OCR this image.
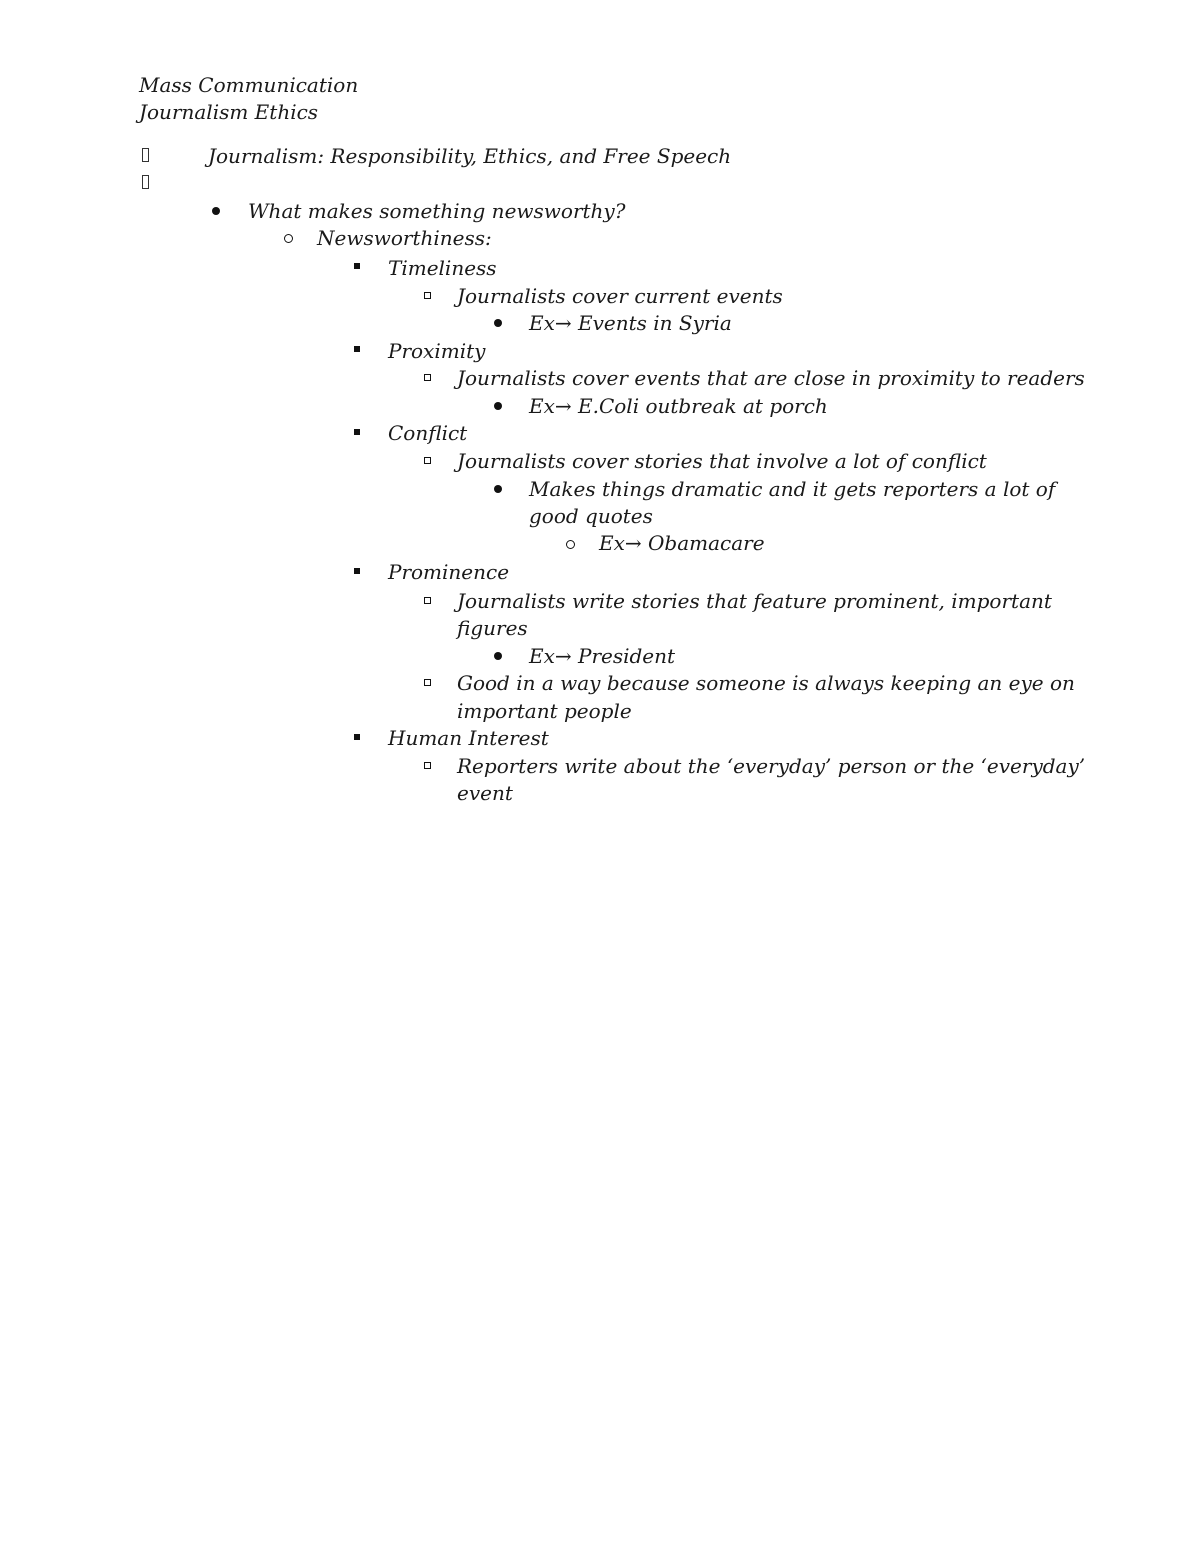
Mass Communication
Journalism Ethics
Journalism: Responsibility, Ethics, and Free Speech
What makes something newsworthy?
Newsworthiness:
Timeliness
Journalists cover current events
Ex→ Events in Syria
Proximity
Journalists cover events that are close in proximity to readers
Ex→ E.Coli outbreak at porch
Conflict
Journalists cover stories that involve a lot of conflict
Makes things dramatic and it gets reporters a lot of
good quotes
Ex→ Obamacare
Prominence
Journalists write stories that feature prominent, important
figures
Ex→ President
Good in a way because someone is always keeping an eye on
important people
Human Interest
Reporters write about the ‘everyday’ person or the ‘everyday’
event
